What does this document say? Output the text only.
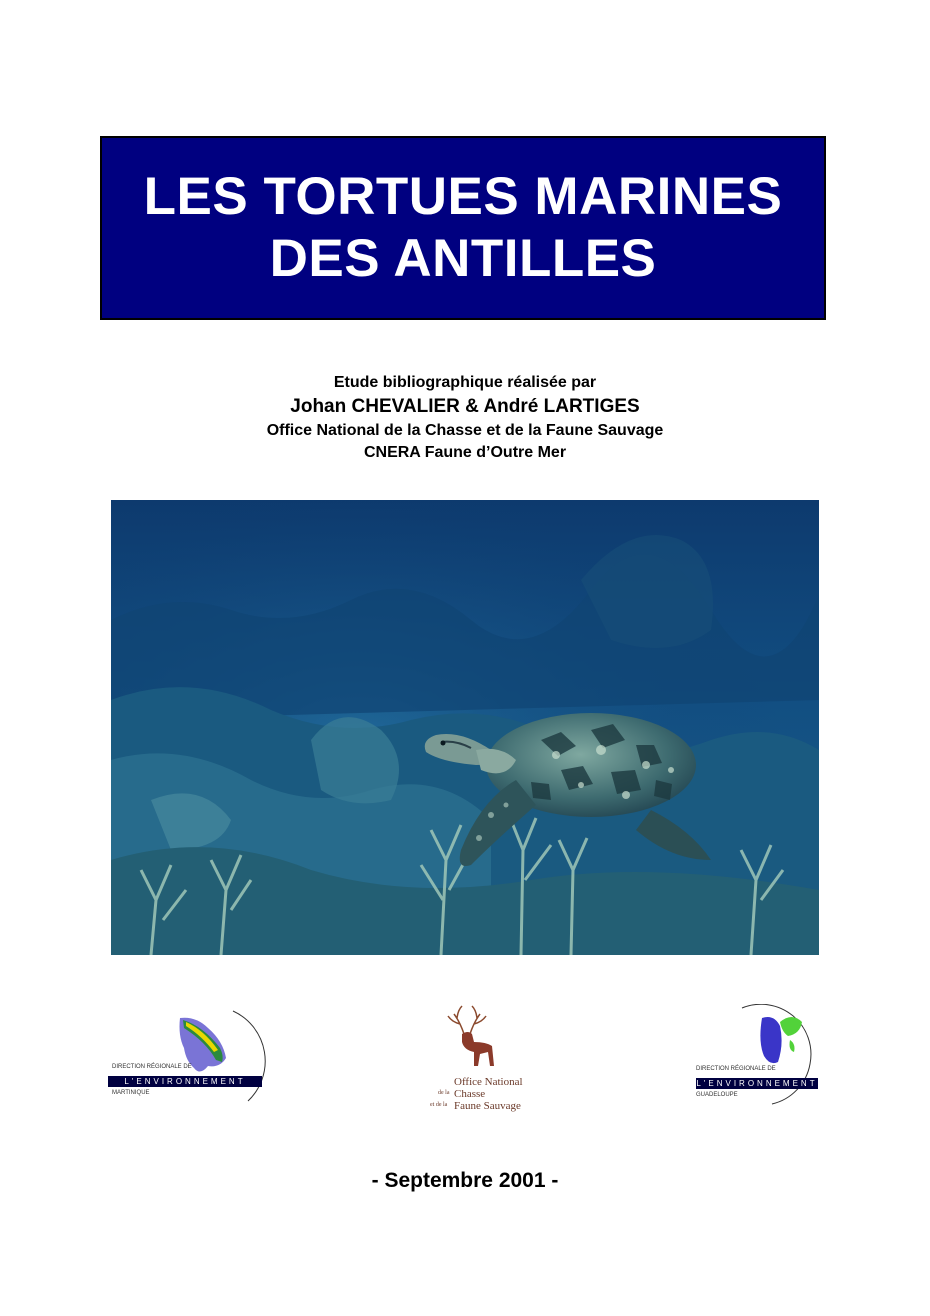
LES TORTUES MARINES
DES ANTILLES
Etude bibliographique réalisée par
Johan CHEVALIER & André LARTIGES
Office National de la Chasse et de la Faune Sauvage
CNERA Faune d’Outre Mer
DIRECTION RÉGIONALE DE
L'ENVIRONNEMENT
MARTINIQUE
Office National
de la Chasse
et de la Faune Sauvage
DIRECTION RÉGIONALE DE
L'ENVIRONNEMENT
GUADELOUPE
- Septembre 2001 -
